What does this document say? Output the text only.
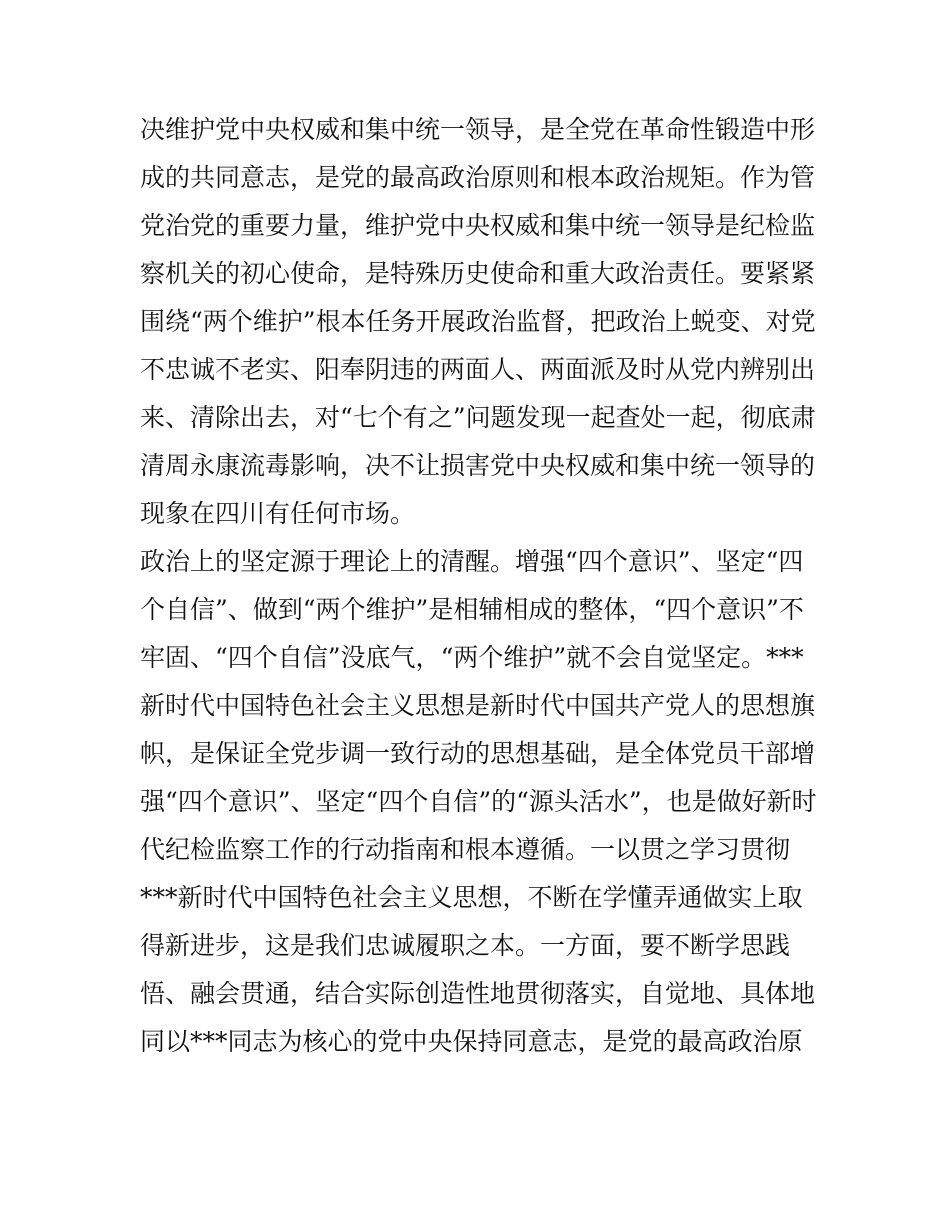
决维护党中央权威和集中统一领导，是全党在革命性锻造中形
成的共同意志，是党的最高政治原则和根本政治规矩。作为管
党治党的重要力量，维护党中央权威和集中统一领导是纪检监
察机关的初心使命，是特殊历史使命和重大政治责任。要紧紧
围绕“两个维护”根本任务开展政治监督，把政治上蜕变、对党
不忠诚不老实、阳奉阴违的两面人、两面派及时从党内辨别出
来、清除出去，对“七个有之”问题发现一起查处一起，彻底肃
清周永康流毒影响，决不让损害党中央权威和集中统一领导的
现象在四川有任何市场。
政治上的坚定源于理论上的清醒。增强“四个意识”、坚定“四
个自信”、做到“两个维护”是相辅相成的整体，“四个意识”不
牢固、“四个自信”没底气，“两个维护”就不会自觉坚定。***
新时代中国特色社会主义思想是新时代中国共产党人的思想旗
帜，是保证全党步调一致行动的思想基础，是全体党员干部增
强“四个意识”、坚定“四个自信”的“源头活水”，也是做好新时
代纪检监察工作的行动指南和根本遵循。一以贯之学习贯彻
***新时代中国特色社会主义思想，不断在学懂弄通做实上取
得新进步，这是我们忠诚履职之本。一方面，要不断学思践
悟、融会贯通，结合实际创造性地贯彻落实，自觉地、具体地
同以***同志为核心的党中央保持同意志，是党的最高政治原
